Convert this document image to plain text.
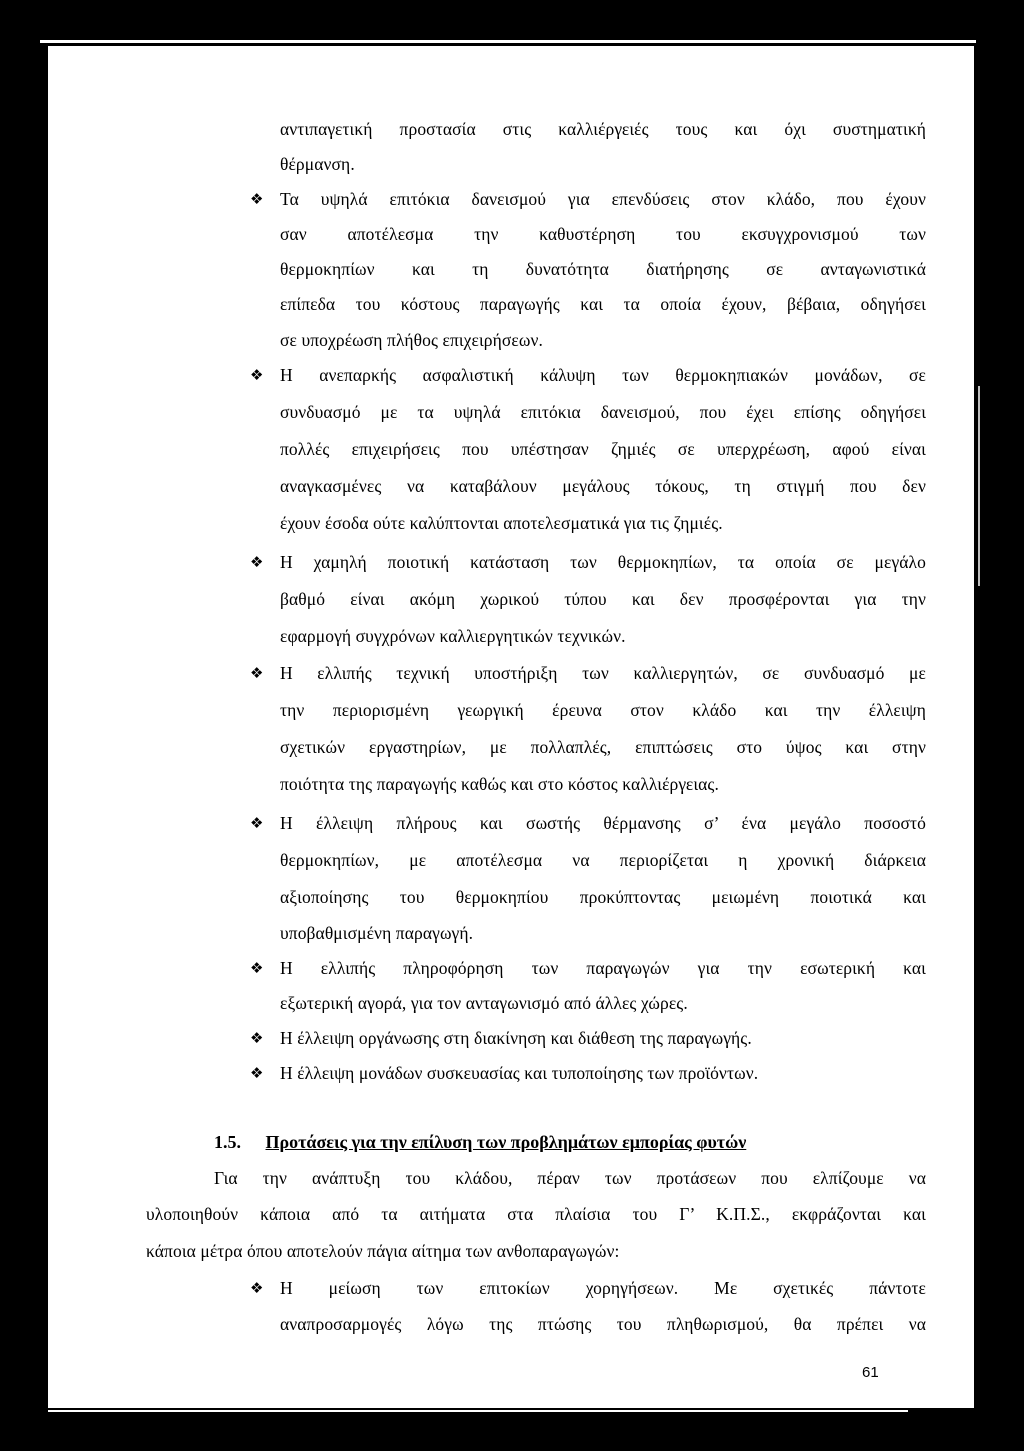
αντιπαγετική προστασία στις καλλιέργειές τους και όχι συστηματική
θέρμανση.
❖ Τα υψηλά επιτόκια δανεισμού για επενδύσεις στον κλάδο, που έχουν
σαν αποτέλεσμα την καθυστέρηση του εκσυγχρονισμού των
θερμοκηπίων και τη δυνατότητα διατήρησης σε ανταγωνιστικά
επίπεδα του κόστους παραγωγής και τα οποία έχουν, βέβαια, οδηγήσει
σε υποχρέωση πλήθος επιχειρήσεων.
❖ Η ανεπαρκής ασφαλιστική κάλυψη των θερμοκηπιακών μονάδων, σε
συνδυασμό με τα υψηλά επιτόκια δανεισμού, που έχει επίσης οδηγήσει
πολλές επιχειρήσεις που υπέστησαν ζημιές σε υπερχρέωση, αφού είναι
αναγκασμένες να καταβάλουν μεγάλους τόκους, τη στιγμή που δεν
έχουν έσοδα ούτε καλύπτονται αποτελεσματικά για τις ζημιές.
❖ Η χαμηλή ποιοτική κατάσταση των θερμοκηπίων, τα οποία σε μεγάλο
βαθμό είναι ακόμη χωρικού τύπου και δεν προσφέρονται για την
εφαρμογή συγχρόνων καλλιεργητικών τεχνικών.
❖ Η ελλιπής τεχνική υποστήριξη των καλλιεργητών, σε συνδυασμό με
την περιορισμένη γεωργική έρευνα στον κλάδο και την έλλειψη
σχετικών εργαστηρίων, με πολλαπλές, επιπτώσεις στο ύψος και στην
ποιότητα της παραγωγής καθώς και στο κόστος καλλιέργειας.
❖ Η έλλειψη πλήρους και σωστής θέρμανσης σ’ ένα μεγάλο ποσοστό
θερμοκηπίων, με αποτέλεσμα να περιορίζεται η χρονική διάρκεια
αξιοποίησης του θερμοκηπίου προκύπτοντας μειωμένη ποιοτικά και
υποβαθμισμένη παραγωγή.
❖ Η ελλιπής πληροφόρηση των παραγωγών για την εσωτερική και
εξωτερική αγορά, για τον ανταγωνισμό από άλλες χώρες.
❖ Η έλλειψη οργάνωσης στη διακίνηση και διάθεση της παραγωγής.
❖ Η έλλειψη μονάδων συσκευασίας και τυποποίησης των προϊόντων.
1.5. Προτάσεις για την επίλυση των προβλημάτων εμπορίας φυτών
Για την ανάπτυξη του κλάδου, πέραν των προτάσεων που ελπίζουμε να
υλοποιηθούν κάποια από τα αιτήματα στα πλαίσια του Γ’ Κ.Π.Σ., εκφράζονται και
κάποια μέτρα όπου αποτελούν πάγια αίτημα των ανθοπαραγωγών:
❖ Η μείωση των επιτοκίων χορηγήσεων. Με σχετικές πάντοτε
αναπροσαρμογές λόγω της πτώσης του πληθωρισμού, θα πρέπει να
61
